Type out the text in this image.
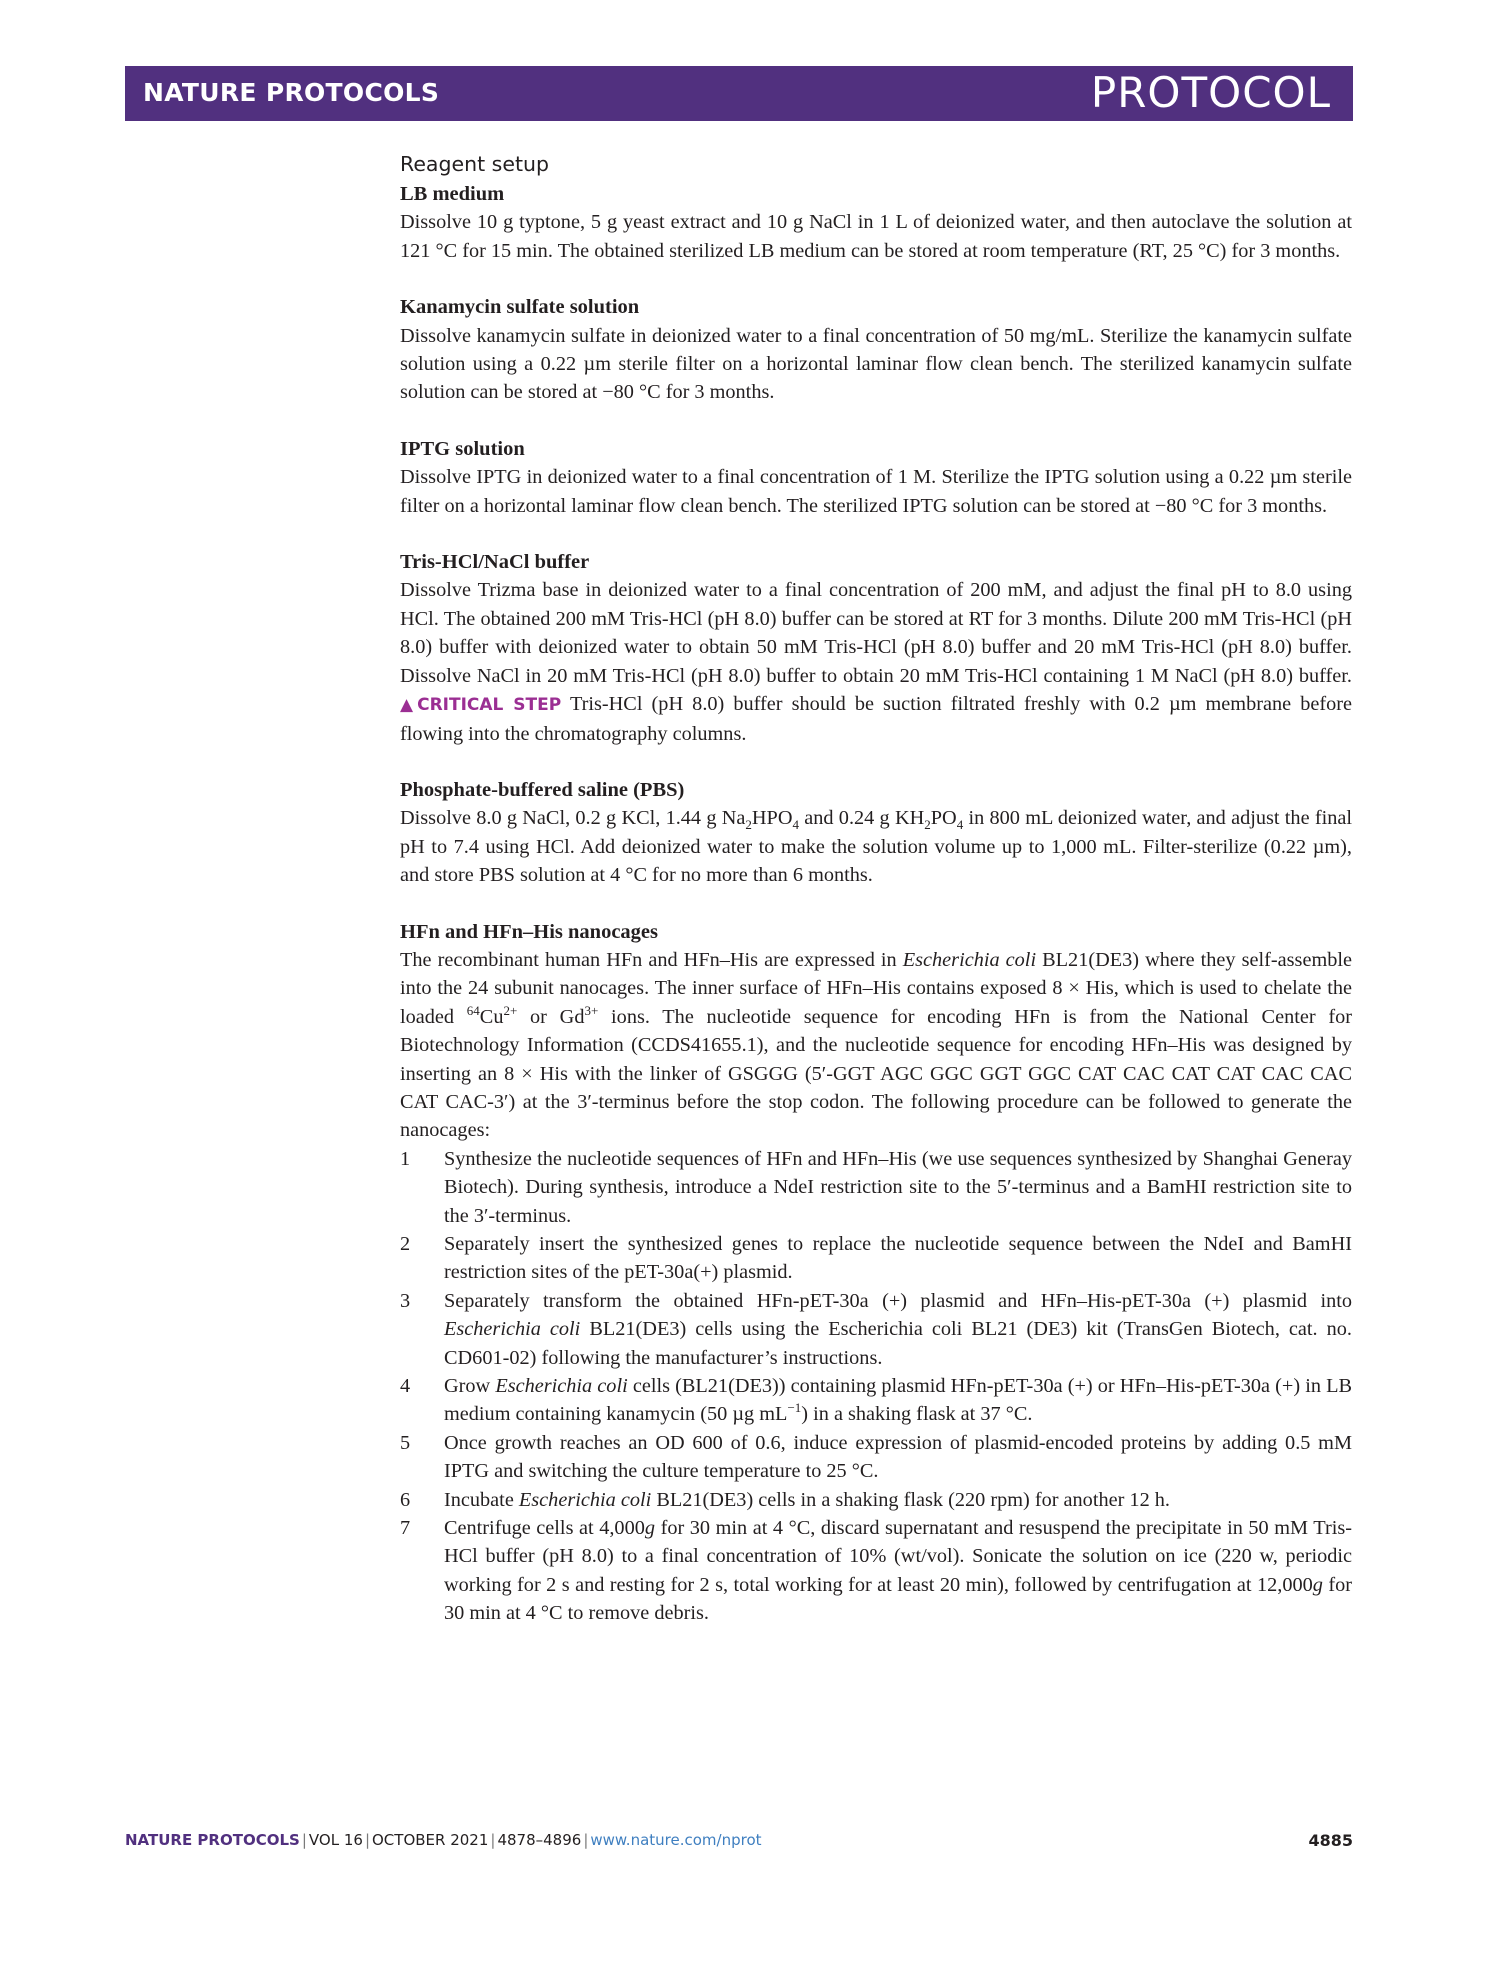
NATURE PROTOCOLS	PROTOCOL
Reagent setup
LB medium

Dissolve 10 g typtone, 5 g yeast extract and 10 g NaCl in 1 L of deionized water, and then autoclave the solution at 121 °C for 15 min. The obtained sterilized LB medium can be stored at room temperature (RT, 25 °C) for 3 months.

Kanamycin sulfate solution

Dissolve kanamycin sulfate in deionized water to a final concentration of 50 mg/mL. Sterilize the kanamycin sulfate solution using a 0.22 µm sterile filter on a horizontal laminar flow clean bench. The sterilized kanamycin sulfate solution can be stored at −80 °C for 3 months.

IPTG solution

Dissolve IPTG in deionized water to a final concentration of 1 M. Sterilize the IPTG solution using a 0.22 µm sterile filter on a horizontal laminar flow clean bench. The sterilized IPTG solution can be stored at −80 °C for 3 months.

Tris-HCl/NaCl buffer

Dissolve Trizma base in deionized water to a final concentration of 200 mM, and adjust the final pH to 8.0 using HCl. The obtained 200 mM Tris-HCl (pH 8.0) buffer can be stored at RT for 3 months. Dilute 200 mM Tris-HCl (pH 8.0) buffer with deionized water to obtain 50 mM Tris-HCl (pH 8.0) buffer and 20 mM Tris-HCl (pH 8.0) buffer. Dissolve NaCl in 20 mM Tris-HCl (pH 8.0) buffer to obtain 20 mM Tris-HCl containing 1 M NaCl (pH 8.0) buffer. ▲CRITICAL STEP Tris-HCl (pH 8.0) buffer should be suction filtrated freshly with 0.2 µm membrane before flowing into the chromatography columns.

Phosphate-buffered saline (PBS)

Dissolve 8.0 g NaCl, 0.2 g KCl, 1.44 g $Na_2HPO_4$ and 0.24 g $KH_2PO_4$ in 800 mL deionized water, and adjust the final pH to 7.4 using HCl. Add deionized water to make the solution volume up to 1,000 mL. Filter-sterilize (0.22 µm), and store PBS solution at 4 °C for no more than 6 months.

HFn and HFn–His nanocages

The recombinant human HFn and HFn–His are expressed in Escherichia coli BL21(DE3) where they self-assemble into the 24 subunit nanocages. The inner surface of HFn–His contains exposed 8 × His, which is used to chelate the loaded $^{64}Cu^{2+}$ or $Gd^{3+}$ ions. The nucleotide sequence for encoding HFn is from the National Center for Biotechnology Information (CCDS41655.1), and the nucleotide sequence for encoding HFn–His was designed by inserting an 8 × His with the linker of GSGGG (5′-GGT AGC GGC GGT GGC CAT CAC CAT CAT CAC CAC CAT CAC-3′) at the 3′-terminus before the stop codon. The following procedure can be followed to generate the nanocages:

1	Synthesize the nucleotide sequences of HFn and HFn–His (we use sequences synthesized by Shanghai Generay Biotech). During synthesis, introduce a NdeI restriction site to the 5′-terminus and a BamHI restriction site to the 3′-terminus.
2	Separately insert the synthesized genes to replace the nucleotide sequence between the NdeI and BamHI restriction sites of the pET-30a(+) plasmid.
3	Separately transform the obtained HFn-pET-30a (+) plasmid and HFn–His-pET-30a (+) plasmid into Escherichia coli BL21(DE3) cells using the Escherichia coli BL21 (DE3) kit (TransGen Biotech, cat. no. CD601-02) following the manufacturer’s instructions.
4	Grow Escherichia coli cells (BL21(DE3)) containing plasmid HFn-pET-30a (+) or HFn–His-pET-30a (+) in LB medium containing kanamycin (50 µg $mL^{-1}$) in a shaking flask at 37 °C.
5	Once growth reaches an OD 600 of 0.6, induce expression of plasmid-encoded proteins by adding 0.5 mM IPTG and switching the culture temperature to 25 °C.
6	Incubate Escherichia coli BL21(DE3) cells in a shaking flask (220 rpm) for another 12 h.
7	Centrifuge cells at 4,000g for 30 min at 4 °C, discard supernatant and resuspend the precipitate in 50 mM Tris-HCl buffer (pH 8.0) to a final concentration of 10% (wt/vol). Sonicate the solution on ice (220 w, periodic working for 2 s and resting for 2 s, total working for at least 20 min), followed by centrifugation at 12,000g for 30 min at 4 °C to remove debris.
NATURE PROTOCOLS | VOL 16 | OCTOBER 2021 | 4878–4896 | www.nature.com/nprot	4885
